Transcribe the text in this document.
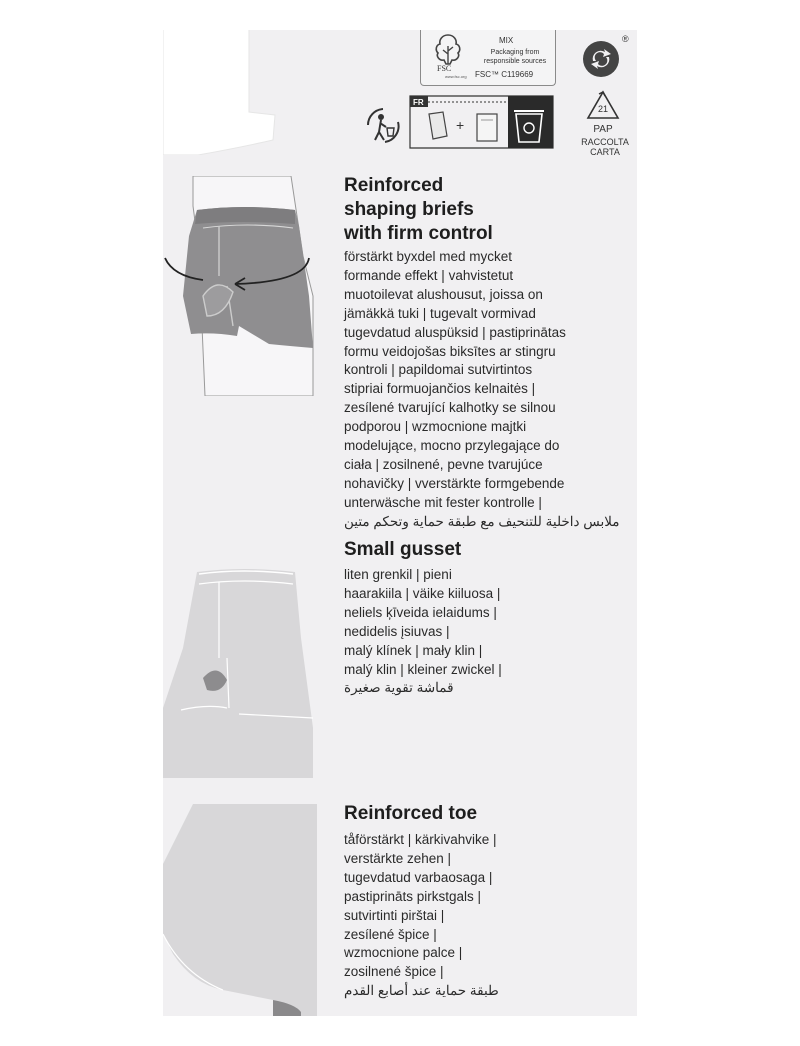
FSC
MIX
Packaging from
responsible sources
FSC™ C119669
www.fsc.org
®
21
PAP
RACCOLTA
CARTA
FR
+
Reinforced
shaping briefs
with firm control
förstärkt byxdel med mycket
formande effekt | vahvistetut
muotoilevat alushousut, joissa on
jämäkkä tuki | tugevalt vormivad
tugevdatud aluspüksid | pastiprinātas
formu veidojošas biksītes ar stingru
kontroli | papildomai sutvirtintos
stipriai formuojančios kelnaitės |
zesílené tvarující kalhotky se silnou
podporou | wzmocnione majtki
modelujące, mocno przylegające do
ciała | zosilnené, pevne tvarujúce
nohavičky | vverstärkte formgebende
unterwäsche mit fester kontrolle |
ملابس داخلية للتنحيف مع طبقة حماية وتحكم متين
Small gusset
liten grenkil | pieni
haarakiila | väike kiiluosa |
neliels ķīveida ielaidums |
nedidelis įsiuvas |
malý klínek | mały klin |
malý klin | kleiner zwickel |
قماشة تقوية صغيرة
Reinforced toe
tåförstärkt | kärkivahvike |
verstärkte zehen |
tugevdatud varbaosaga |
pastiprināts pirkstgals |
sutvirtinti pirštai |
zesílené špice |
wzmocnione palce |
zosilnené špice |
طبقة حماية عند أصابع القدم
